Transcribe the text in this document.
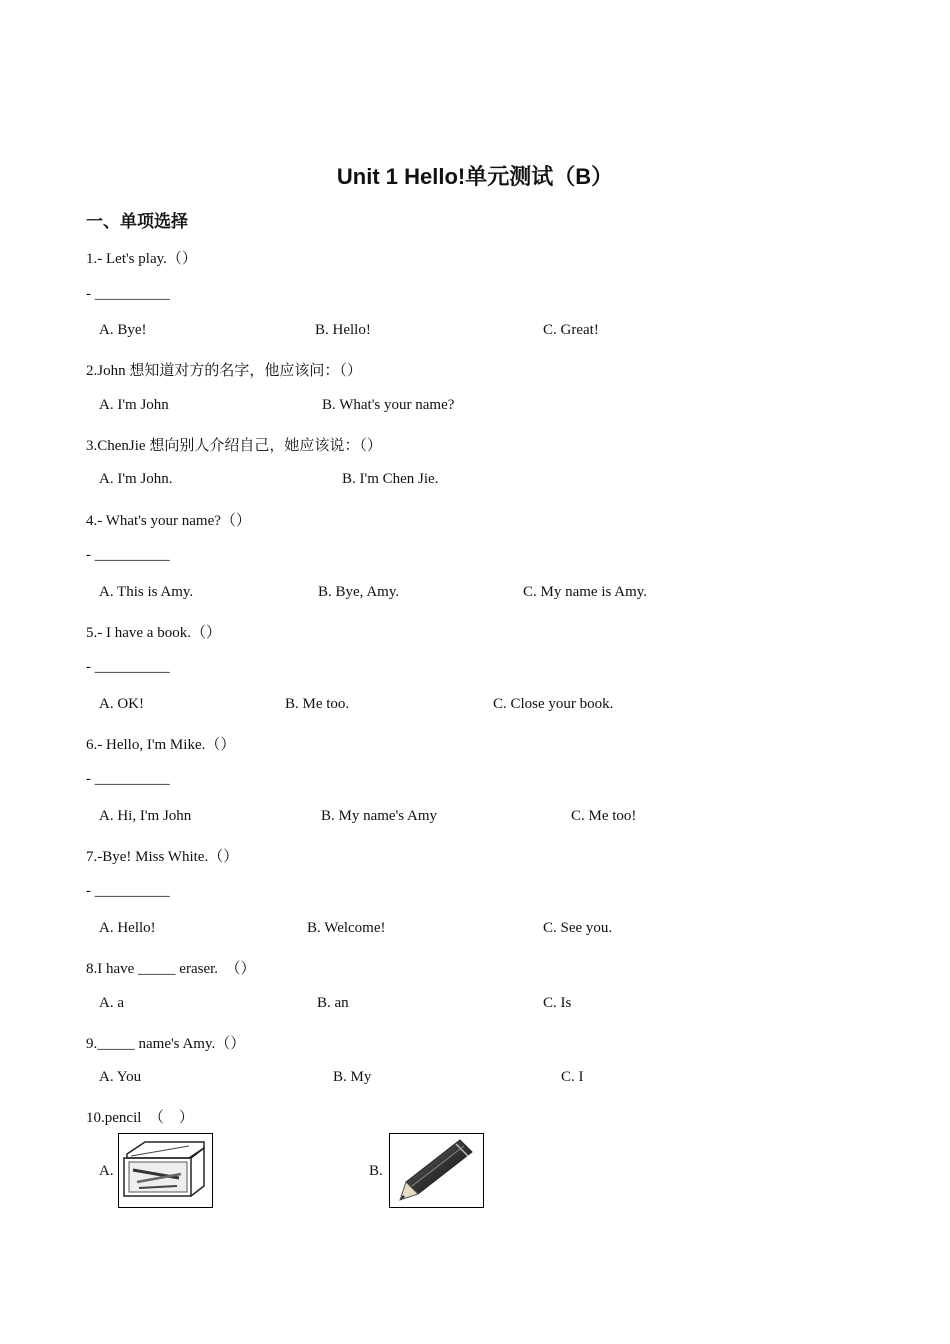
Unit 1 Hello!单元测试（B）
一、单项选择
1.- Let's play.（）
- __________
A. Bye!	B. Hello!	C. Great!
2.John 想知道对方的名字，他应该问：（）
A. I'm John	B. What's your name?
3.ChenJie 想向别人介绍自己，她应该说：（）
A. I'm John.	B. I'm Chen Jie.
4.- What's your name?（）
- __________
A. This is Amy.	B. Bye, Amy.	C. My name is Amy.
5.- I have a book.（）
- __________
A. OK!	B. Me too.	C. Close your book.
6.- Hello, I'm Mike.（）
- __________
A. Hi, I'm John	B. My name's Amy	C. Me too!
7.-Bye! Miss White.（）
- __________
A. Hello!	B. Welcome!	C. See you.
8.I have _____ eraser.　（）
A. a	B. an	C. Is
9._____ name's Amy.（）
A. You	B. My	C. I
10.pencil　（　）
A.	B.
